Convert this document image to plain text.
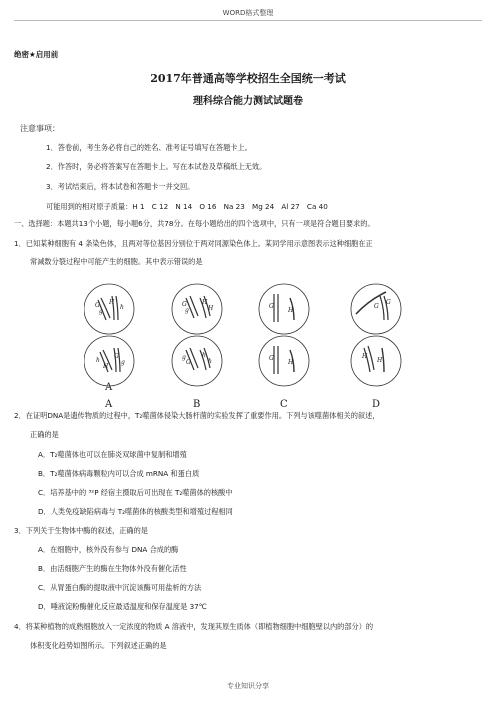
WORD格式整理
绝密★启用前
2017年普通高等学校招生全国统一考试
理科综合能力测试试题卷
注意事项：
1．答卷前，考生务必将自己的姓名、准考证号填写在答题卡上。
2．作答时，务必将答案写在答题卡上。写在本试卷及草稿纸上无效。
3．考试结束后，将本试卷和答题卡一并交回。
可能用到的相对原子质量：H 1　C 12　N 14　O 16　Na 23　Mg 24　Al 27　Ca 40
一、选择题：本题共13个小题，每小题6分，共78分。在每小题给出的四个选项中，只有一项是符合题目要求的。
1．已知某种细胞有 4 条染色体，且两对等位基因分别位于两对同源染色体上。某同学用示意图表示这种细胞在正
常减数分裂过程中可能产生的细胞。其中表示错误的是
G
g
H
h
h
H
G
g
G
g
H
H
g
G
h
h
G
H
G
H
G
G
H
H
A
A	B	C	D
2．在证明DNA是遗传物质的过程中，T₂噬菌体侵染大肠杆菌的实验发挥了重要作用。下列与该噬菌体相关的叙述，
正确的是
A．T₂噬菌体也可以在肺炎双球菌中复制和增殖
B．T₂噬菌体病毒颗粒内可以合成 mRNA 和蛋白质
C．培养基中的 ³²P 经宿主摄取后可出现在 T₂噬菌体的核酸中
D．人类免疫缺陷病毒与 T₂噬菌体的核酸类型和增殖过程相同
3．下列关于生物体中酶的叙述，正确的是
A．在细胞中，核外没有参与 DNA 合成的酶
B．由活细胞产生的酶在生物体外没有催化活性
C．从胃蛋白酶的提取液中沉淀该酶可用盐析的方法
D．唾液淀粉酶催化反应最适温度和保存温度是 37℃
4．将某种植物的成熟细胞放入一定浓度的物质 A 溶液中，发现其原生质体（即植物细胞中细胞壁以内的部分）的
体积变化趋势如图所示。下列叙述正确的是
专业知识分享
